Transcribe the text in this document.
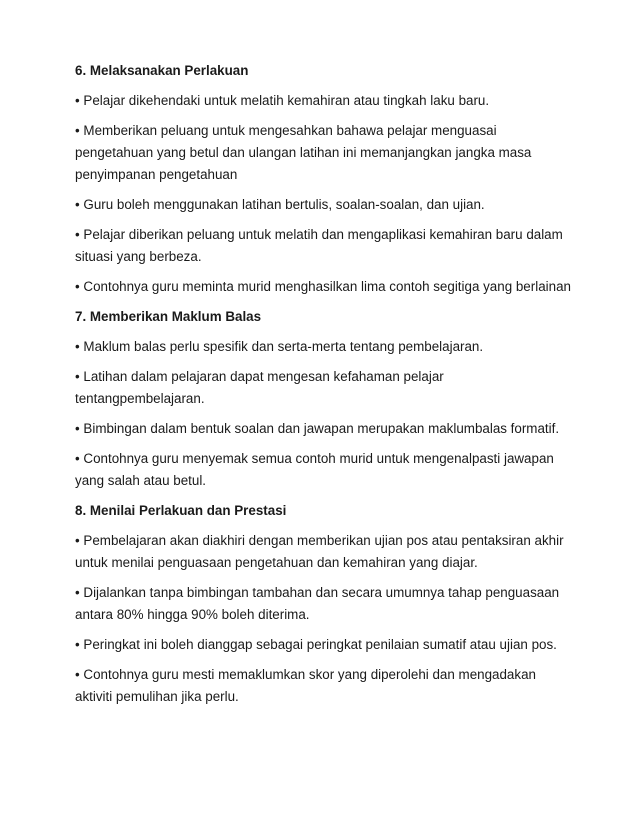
6. Melaksanakan Perlakuan
• Pelajar dikehendaki untuk melatih kemahiran atau tingkah laku baru.
• Memberikan peluang untuk mengesahkan bahawa pelajar menguasai pengetahuan yang betul dan ulangan latihan ini memanjangkan jangka masa penyimpanan pengetahuan
• Guru boleh menggunakan latihan bertulis, soalan-soalan, dan ujian.
• Pelajar diberikan peluang untuk melatih dan mengaplikasi kemahiran baru dalam situasi yang berbeza.
• Contohnya guru meminta murid menghasilkan lima contoh segitiga yang berlainan
7. Memberikan Maklum Balas
• Maklum balas perlu spesifik dan serta-merta tentang pembelajaran.
• Latihan dalam pelajaran dapat mengesan kefahaman pelajar tentangpembelajaran.
• Bimbingan dalam bentuk soalan dan jawapan merupakan maklumbalas formatif.
• Contohnya guru menyemak semua contoh murid untuk mengenalpasti jawapan yang salah atau betul.
8. Menilai Perlakuan dan Prestasi
• Pembelajaran akan diakhiri dengan memberikan ujian pos atau pentaksiran akhir untuk menilai penguasaan pengetahuan dan kemahiran yang diajar.
• Dijalankan tanpa bimbingan tambahan dan secara umumnya tahap penguasaan antara 80% hingga 90% boleh diterima.
• Peringkat ini boleh dianggap sebagai peringkat penilaian sumatif atau ujian pos.
• Contohnya guru mesti memaklumkan skor yang diperolehi dan mengadakan aktiviti pemulihan jika perlu.
